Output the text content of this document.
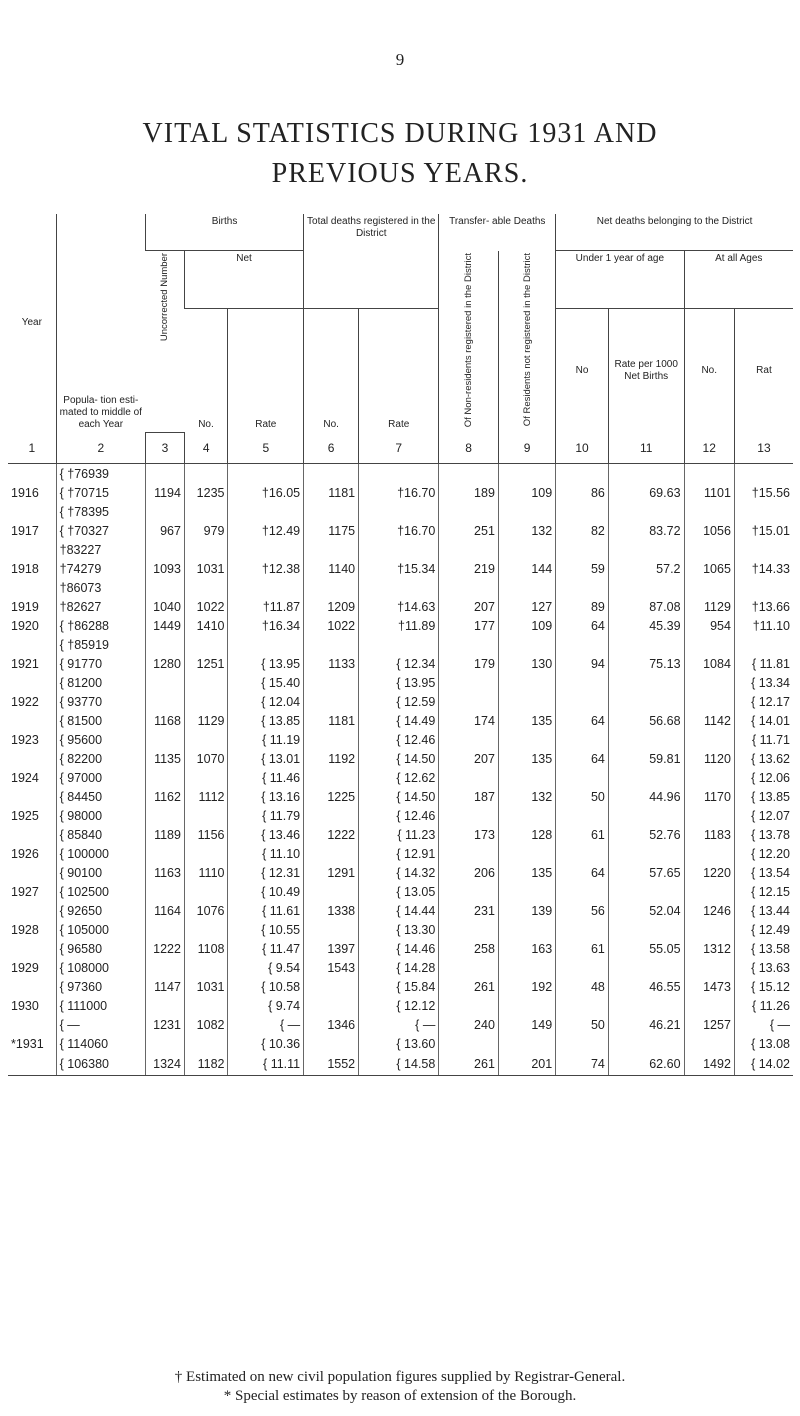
9
VITAL STATISTICS DURING 1931 AND
PREVIOUS YEARS.
Year	Popula- tion esti- mated to middle of each Year	Births			Total deaths registered in the District		Transfer- able Deaths		Net deaths belonging to the District			
		Uncorrected Number	Net				Of Non-residents registered in the District	Of Residents not registered in the District	Under 1 year of age		At all Ages	
			No.	Rate	No.	Rate			No	Rate per 1000 Net Births	No.	Rat
1	2	3	4	5	6	7	8	9	10	11	12	13
	{ †76939											
1916	{ †70715	1194	1235	†16.05	1181	†16.70	189	109	86	69.63	1101	†15.56
	{ †78395											
1917	{ †70327	967	979	†12.49	1175	†16.70	251	132	82	83.72	1056	†15.01
	†83227											
1918	†74279	1093	1031	†12.38	1140	†15.34	219	144	59	57.2	1065	†14.33
	†86073											
1919	†82627	1040	1022	†11.87	1209	†14.63	207	127	89	87.08	1129	†13.66
1920	{ †86288	1449	1410	†16.34	1022	†11.89	177	109	64	45.39	954	†11.10
	{ †85919											
1921	{ 91770	1280	1251	{ 13.95	1133	{ 12.34	179	130	94	75.13	1084	{ 11.81
	{ 81200			{ 15.40		{ 13.95						{ 13.34
1922	{ 93770			{ 12.04		{ 12.59						{ 12.17
	{ 81500	1168	1129	{ 13.85	1181	{ 14.49	174	135	64	56.68	1142	{ 14.01
1923	{ 95600			{ 11.19		{ 12.46						{ 11.71
	{ 82200	1135	1070	{ 13.01	1192	{ 14.50	207	135	64	59.81	1120	{ 13.62
1924	{ 97000			{ 11.46		{ 12.62						{ 12.06
	{ 84450	1162	1112	{ 13.16	1225	{ 14.50	187	132	50	44.96	1170	{ 13.85
1925	{ 98000			{ 11.79		{ 12.46						{ 12.07
	{ 85840	1189	1156	{ 13.46	1222	{ 11.23	173	128	61	52.76	1183	{ 13.78
1926	{ 100000			{ 11.10		{ 12.91						{ 12.20
	{ 90100	1163	1110	{ 12.31	1291	{ 14.32	206	135	64	57.65	1220	{ 13.54
1927	{ 102500			{ 10.49		{ 13.05						{ 12.15
	{ 92650	1164	1076	{ 11.61	1338	{ 14.44	231	139	56	52.04	1246	{ 13.44
1928	{ 105000			{ 10.55		{ 13.30						{ 12.49
	{ 96580	1222	1108	{ 11.47	1397	{ 14.46	258	163	61	55.05	1312	{ 13.58
1929	{ 108000			{ 9.54	1543	{ 14.28						{ 13.63
	{ 97360	1147	1031	{ 10.58		{ 15.84	261	192	48	46.55	1473	{ 15.12
1930	{ 111000			{ 9.74		{ 12.12						{ 11.26
	{ —	1231	1082	{ —	1346	{ —	240	149	50	46.21	1257	{ —
*1931	{ 114060			{ 10.36		{ 13.60						{ 13.08
	{ 106380	1324	1182	{ 11.11	1552	{ 14.58	261	201	74	62.60	1492	{ 14.02
† Estimated on new civil population figures supplied by Registrar-General.
* Special estimates by reason of extension of the Borough.
